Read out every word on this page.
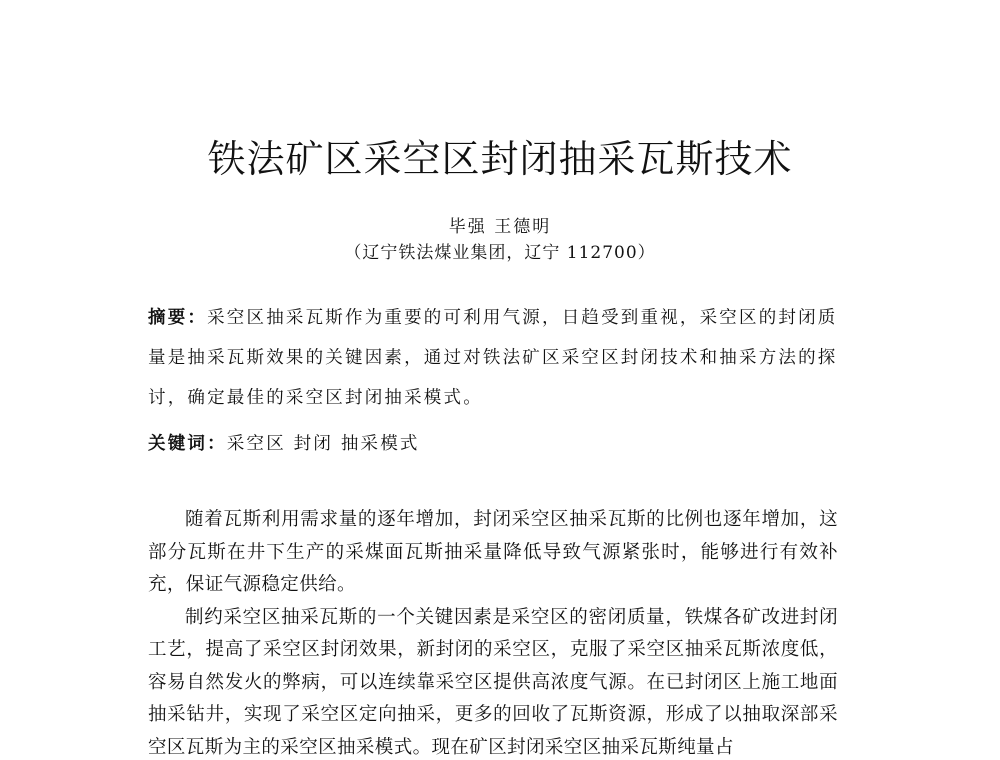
铁法矿区采空区封闭抽采瓦斯技术
毕强 王德明
（辽宁铁法煤业集团，辽宁 112700）
摘要：采空区抽采瓦斯作为重要的可利用气源，日趋受到重视，采空区的封闭质量是抽采瓦斯效果的关键因素，通过对铁法矿区采空区封闭技术和抽采方法的探讨，确定最佳的采空区封闭抽采模式。
关键词：采空区 封闭 抽采模式

随着瓦斯利用需求量的逐年增加，封闭采空区抽采瓦斯的比例也逐年增加，这部分瓦斯在井下生产的采煤面瓦斯抽采量降低导致气源紧张时，能够进行有效补充，保证气源稳定供给。

制约采空区抽采瓦斯的一个关键因素是采空区的密闭质量，铁煤各矿改进封闭工艺，提高了采空区封闭效果，新封闭的采空区，克服了采空区抽采瓦斯浓度低，容易自然发火的弊病，可以连续靠采空区提供高浓度气源。在已封闭区上施工地面抽采钻井，实现了采空区定向抽采，更多的回收了瓦斯资源，形成了以抽取深部采空区瓦斯为主的采空区抽采模式。现在矿区封闭采空区抽采瓦斯纯量占
